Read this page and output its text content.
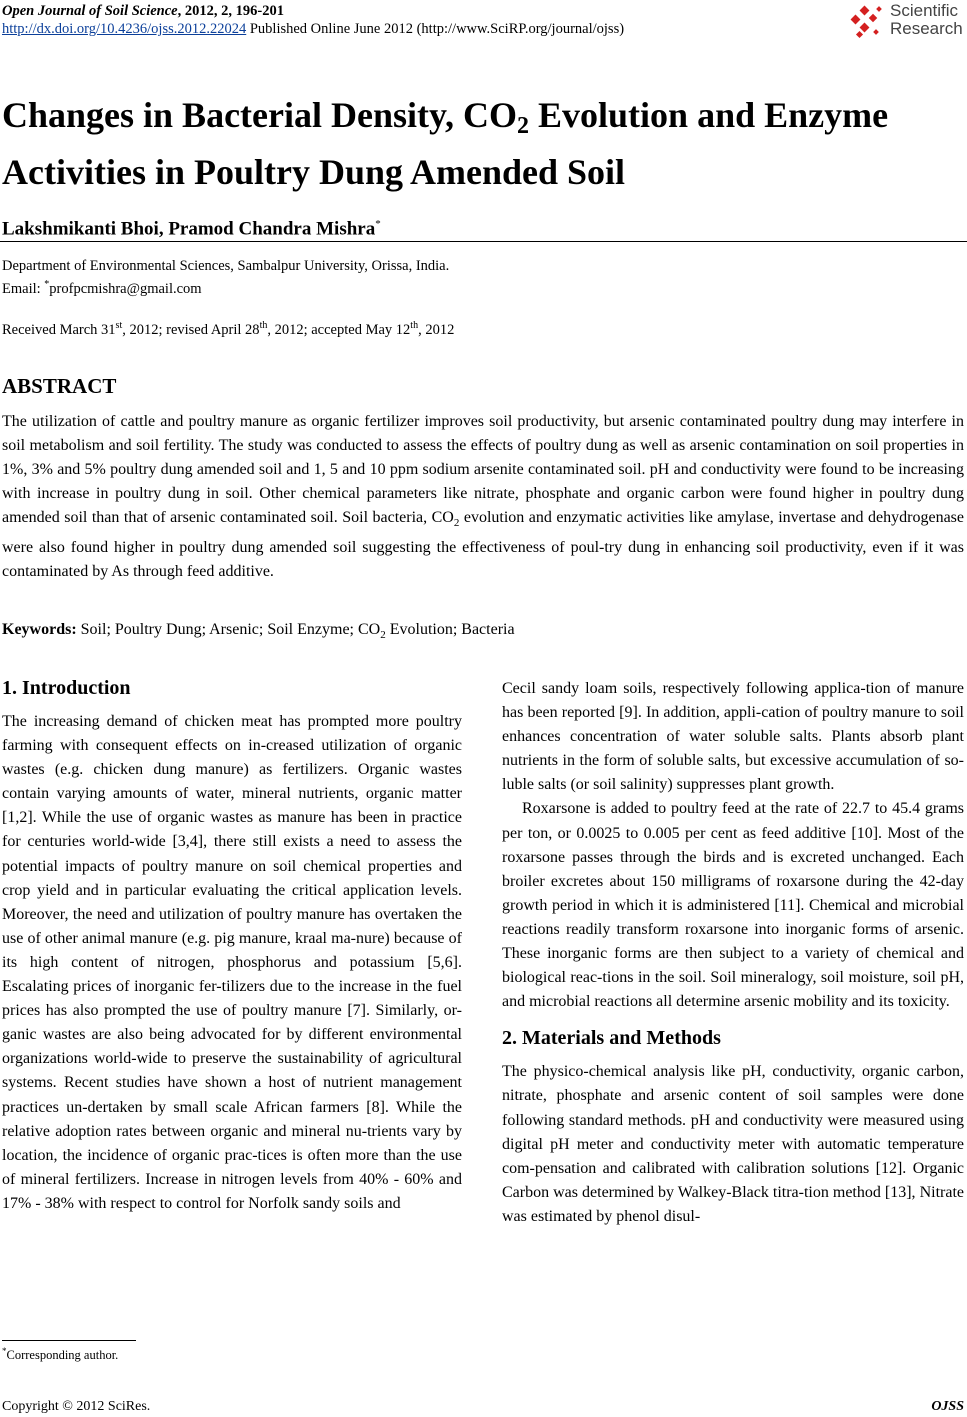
Open Journal of Soil Science, 2012, 2, 196-201
http://dx.doi.org/10.4236/ojss.2012.22024 Published Online June 2012 (http://www.SciRP.org/journal/ojss)
Scientific
Research
Changes in Bacterial Density, $CO_2$ Evolution and Enzyme
Activities in Poultry Dung Amended Soil
Lakshmikanti Bhoi, Pramod Chandra Mishra*
Department of Environmental Sciences, Sambalpur University, Orissa, India.
Email: *profpcmishra@gmail.com
Received March 31st, 2012; revised April 28th, 2012; accepted May 12th, 2012
ABSTRACT
The utilization of cattle and poultry manure as organic fertilizer improves soil productivity, but arsenic contaminated poultry dung may interfere in soil metabolism and soil fertility. The study was conducted to assess the effects of poultry dung as well as arsenic contamination on soil properties in 1%, 3% and 5% poultry dung amended soil and 1, 5 and 10 ppm sodium arsenite contaminated soil. pH and conductivity were found to be increasing with increase in poultry dung in soil. Other chemical parameters like nitrate, phosphate and organic carbon were found higher in poultry dung amended soil than that of arsenic contaminated soil. Soil bacteria, $CO_2$ evolution and enzymatic activities like amylase, invertase and dehydrogenase were also found higher in poultry dung amended soil suggesting the effectiveness of poul-try dung in enhancing soil productivity, even if it was contaminated by As through feed additive.
Keywords: Soil; Poultry Dung; Arsenic; Soil Enzyme; $CO_2$ Evolution; Bacteria
1. Introduction

The increasing demand of chicken meat has prompted more poultry farming with consequent effects on in-creased utilization of organic wastes (e.g. chicken dung manure) as fertilizers. Organic wastes contain varying amounts of water, mineral nutrients, organic matter [1,2]. While the use of organic wastes as manure has been in practice for centuries world-wide [3,4], there still exists a need to assess the potential impacts of poultry manure on soil chemical properties and crop yield and in particular evaluating the critical application levels. Moreover, the need and utilization of poultry manure has overtaken the use of other animal manure (e.g. pig manure, kraal ma-nure) because of its high content of nitrogen, phosphorus and potassium [5,6]. Escalating prices of inorganic fer-tilizers due to the increase in the fuel prices has also prompted the use of poultry manure [7]. Similarly, or-ganic wastes are also being advocated for by different environmental organizations world-wide to preserve the sustainability of agricultural systems. Recent studies have shown a host of nutrient management practices un-dertaken by small scale African farmers [8]. While the relative adoption rates between organic and mineral nu-trients vary by location, the incidence of organic prac-tices is often more than the use of mineral fertilizers. Increase in nitrogen levels from 40% - 60% and 17% - 38% with respect to control for Norfolk sandy soils and

Cecil sandy loam soils, respectively following applica-tion of manure has been reported [9]. In addition, appli-cation of poultry manure to soil enhances concentration of water soluble salts. Plants absorb plant nutrients in the form of soluble salts, but excessive accumulation of so-luble salts (or soil salinity) suppresses plant growth.

Roxarsone is added to poultry feed at the rate of 22.7 to 45.4 grams per ton, or 0.0025 to 0.005 per cent as feed additive [10]. Most of the roxarsone passes through the birds and is excreted unchanged. Each broiler excretes about 150 milligrams of roxarsone during the 42-day growth period in which it is administered [11]. Chemical and microbial reactions readily transform roxarsone into inorganic forms of arsenic. These inorganic forms are then subject to a variety of chemical and biological reac-tions in the soil. Soil mineralogy, soil moisture, soil pH, and microbial reactions all determine arsenic mobility and its toxicity.

2. Materials and Methods

The physico-chemical analysis like pH, conductivity, organic carbon, nitrate, phosphate and arsenic content of soil samples were done following standard methods. pH and conductivity were measured using digital pH meter and conductivity meter with automatic temperature com-pensation and calibrated with calibration solutions [12]. Organic Carbon was determined by Walkey-Black titra-tion method [13], Nitrate was estimated by phenol disul-

*Corresponding author.
Copyright © 2012 SciRes.	OJSS
